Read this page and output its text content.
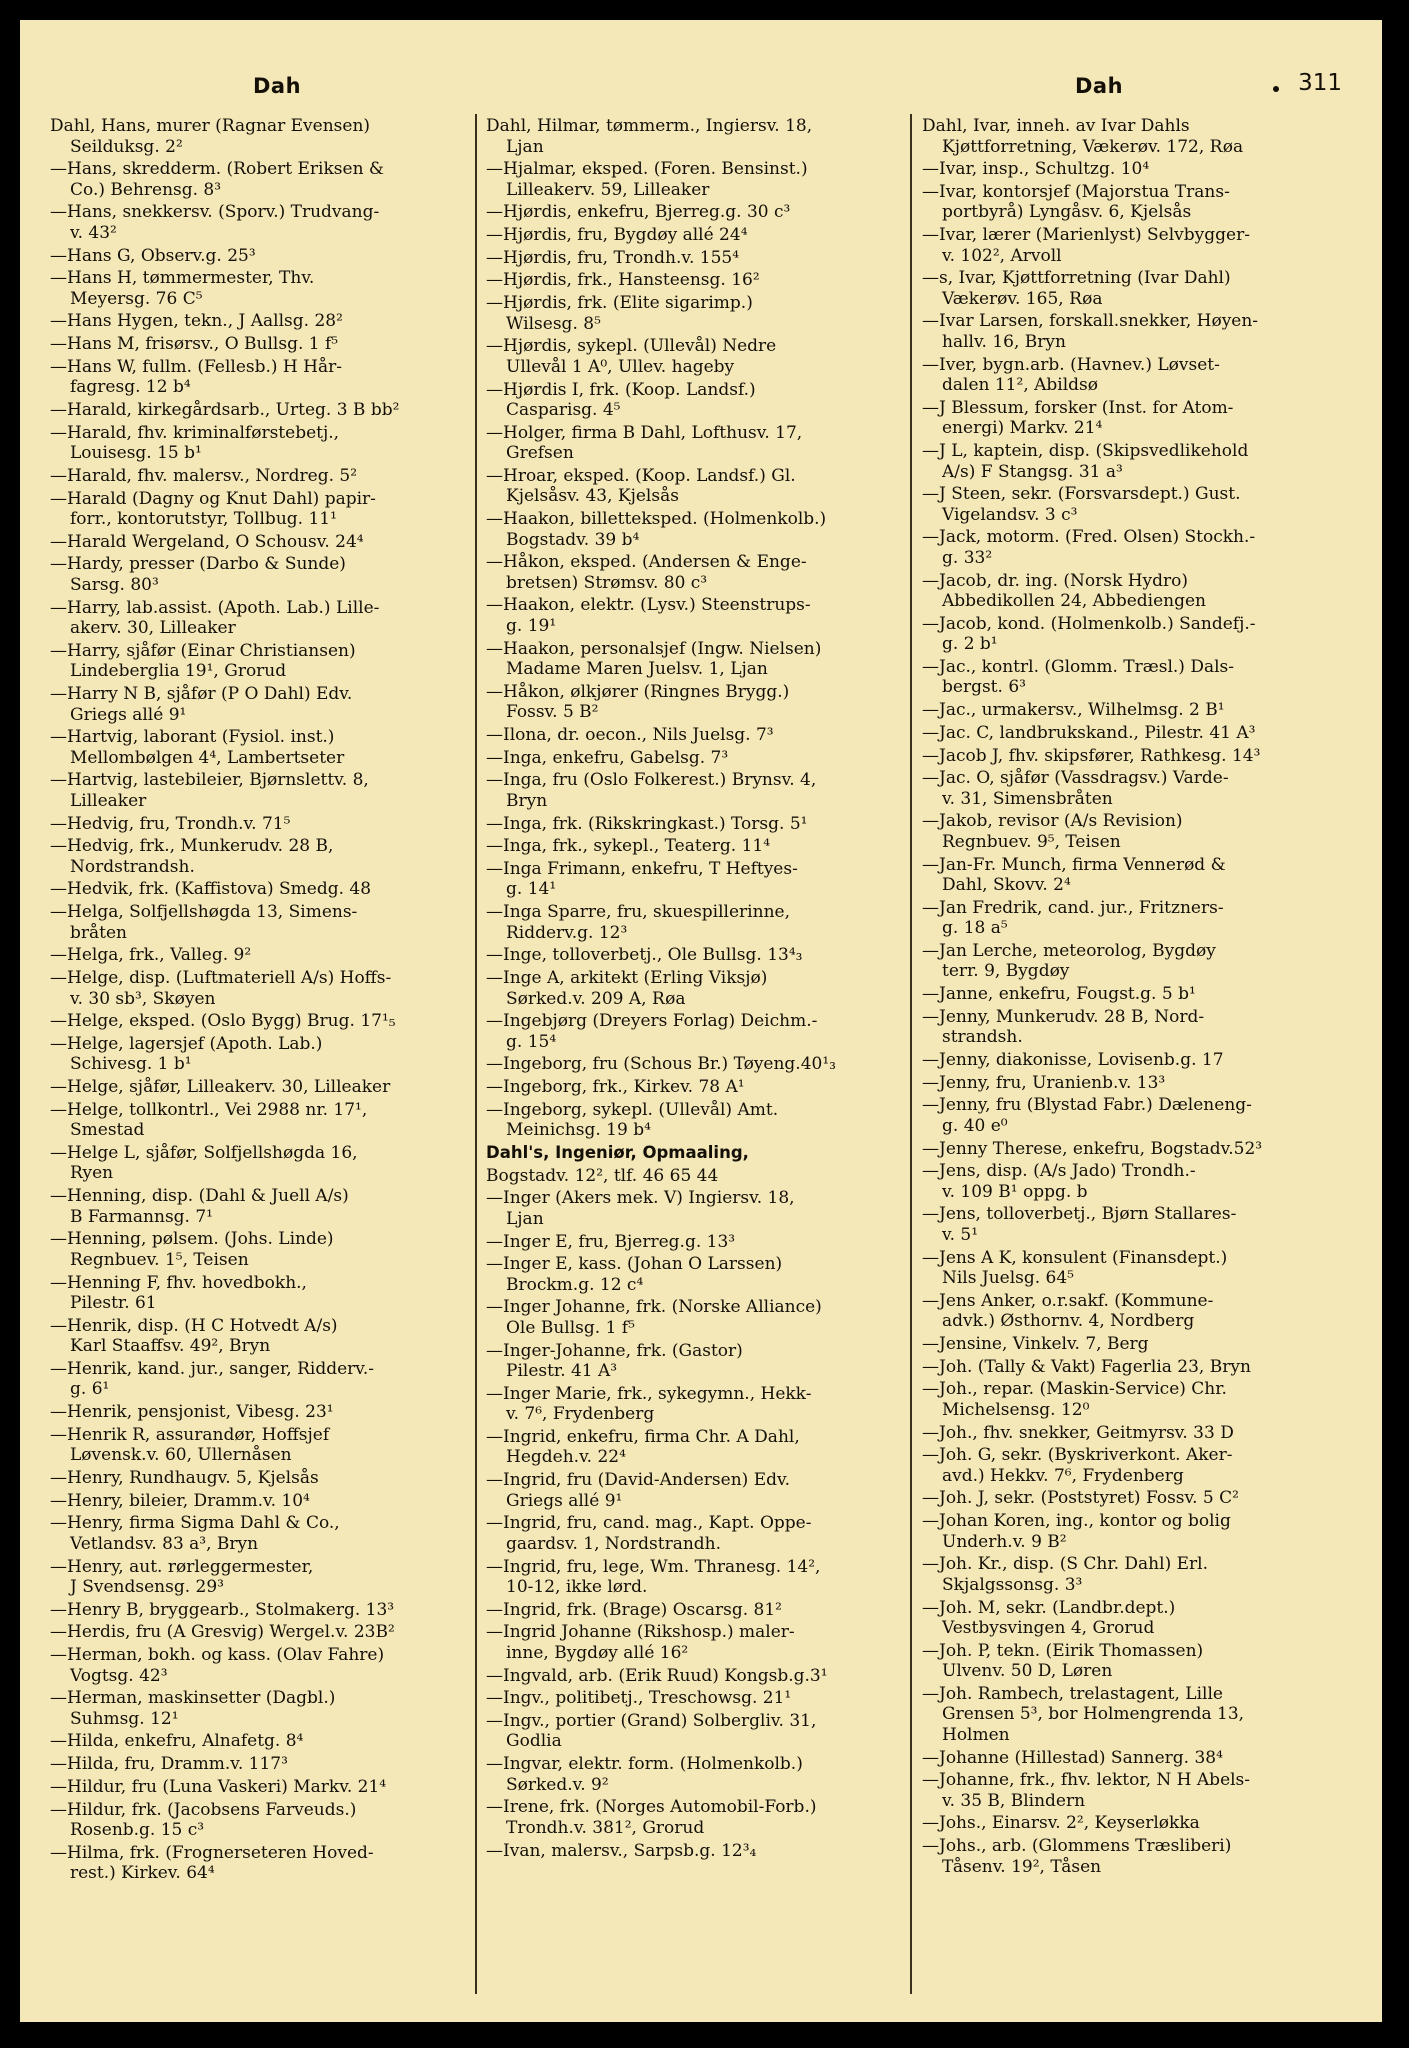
Dah	Dah	311

Dahl, Hans, murer (Ragnar Evensen)
Seilduksg. 2²

—Hans, skredderm. (Robert Eriksen &
Co.) Behrensg. 8³

—Hans, snekkersv. (Sporv.) Trudvang-
v. 43²

—Hans G, Observ.g. 25³

—Hans H, tømmermester, Thv.
Meyersg. 76 C⁵

—Hans Hygen, tekn., J Aallsg. 28²

—Hans M, frisørsv., O Bullsg. 1 f⁵

—Hans W, fullm. (Fellesb.) H Hår-
fagresg. 12 b⁴

—Harald, kirkegårdsarb., Urteg. 3 B bb²

—Harald, fhv. kriminalførstebetj.,
Louisesg. 15 b¹

—Harald, fhv. malersv., Nordreg. 5²

—Harald (Dagny og Knut Dahl) papir-
forr., kontorutstyr, Tollbug. 11¹

—Harald Wergeland, O Schousv. 24⁴

—Hardy, presser (Darbo & Sunde)
Sarsg. 80³

—Harry, lab.assist. (Apoth. Lab.) Lille-
akerv. 30, Lilleaker

—Harry, sjåfør (Einar Christiansen)
Lindeberglia 19¹, Grorud

—Harry N B, sjåfør (P O Dahl) Edv.
Griegs allé 9¹

—Hartvig, laborant (Fysiol. inst.)
Mellombølgen 4⁴, Lambertseter

—Hartvig, lastebileier, Bjørnslettv. 8,
Lilleaker

—Hedvig, fru, Trondh.v. 71⁵

—Hedvig, frk., Munkerudv. 28 B,
Nordstrandsh.

—Hedvik, frk. (Kaffistova) Smedg. 48

—Helga, Solfjellshøgda 13, Simens-
bråten

—Helga, frk., Valleg. 9²

—Helge, disp. (Luftmateriell A/s) Hoffs-
v. 30 sb³, Skøyen

—Helge, eksped. (Oslo Bygg) Brug. 17¹₅

—Helge, lagersjef (Apoth. Lab.)
Schivesg. 1 b¹

—Helge, sjåfør, Lilleakerv. 30, Lilleaker

—Helge, tollkontrl., Vei 2988 nr. 17¹,
Smestad

—Helge L, sjåfør, Solfjellshøgda 16,
Ryen

—Henning, disp. (Dahl & Juell A/s)
B Farmannsg. 7¹

—Henning, pølsem. (Johs. Linde)
Regnbuev. 1⁵, Teisen

—Henning F, fhv. hovedbokh.,
Pilestr. 61

—Henrik, disp. (H C Hotvedt A/s)
Karl Staaffsv. 49², Bryn

—Henrik, kand. jur., sanger, Ridderv.-
g. 6¹

—Henrik, pensjonist, Vibesg. 23¹

—Henrik R, assurandør, Hoffsjef
Løvensk.v. 60, Ullernåsen

—Henry, Rundhaugv. 5, Kjelsås

—Henry, bileier, Dramm.v. 10⁴

—Henry, firma Sigma Dahl & Co.,
Vetlandsv. 83 a³, Bryn

—Henry, aut. rørleggermester,
J Svendsensg. 29³

—Henry B, bryggearb., Stolmakerg. 13³

—Herdis, fru (A Gresvig) Wergel.v. 23B²

—Herman, bokh. og kass. (Olav Fahre)
Vogtsg. 42³

—Herman, maskinsetter (Dagbl.)
Suhmsg. 12¹

—Hilda, enkefru, Alnafetg. 8⁴

—Hilda, fru, Dramm.v. 117³

—Hildur, fru (Luna Vaskeri) Markv. 21⁴

—Hildur, frk. (Jacobsens Farveuds.)
Rosenb.g. 15 c³

—Hilma, frk. (Frognerseteren Hoved-
rest.) Kirkev. 64⁴

Dahl, Hilmar, tømmerm., Ingiersv. 18,
Ljan

—Hjalmar, eksped. (Foren. Bensinst.)
Lilleakerv. 59, Lilleaker

—Hjørdis, enkefru, Bjerreg.g. 30 c³

—Hjørdis, fru, Bygdøy allé 24⁴

—Hjørdis, fru, Trondh.v. 155⁴

—Hjørdis, frk., Hansteensg. 16²

—Hjørdis, frk. (Elite sigarimp.)
Wilsesg. 8⁵

—Hjørdis, sykepl. (Ullevål) Nedre
Ullevål 1 A⁰, Ullev. hageby

—Hjørdis I, frk. (Koop. Landsf.)
Casparisg. 4⁵

—Holger, firma B Dahl, Lofthusv. 17,
Grefsen

—Hroar, eksped. (Koop. Landsf.) Gl.
Kjelsåsv. 43, Kjelsås

—Haakon, billetteksped. (Holmenkolb.)
Bogstadv. 39 b⁴

—Håkon, eksped. (Andersen & Enge-
bretsen) Strømsv. 80 c³

—Haakon, elektr. (Lysv.) Steenstrups-
g. 19¹

—Haakon, personalsjef (Ingw. Nielsen)
Madame Maren Juelsv. 1, Ljan

—Håkon, ølkjører (Ringnes Brygg.)
Fossv. 5 B²

—Ilona, dr. oecon., Nils Juelsg. 7³

—Inga, enkefru, Gabelsg. 7³

—Inga, fru (Oslo Folkerest.) Brynsv. 4,
Bryn

—Inga, frk. (Rikskringkast.) Torsg. 5¹

—Inga, frk., sykepl., Teaterg. 11⁴

—Inga Frimann, enkefru, T Heftyes-
g. 14¹

—Inga Sparre, fru, skuespillerinne,
Ridderv.g. 12³

—Inge, tolloverbetj., Ole Bullsg. 13⁴₃

—Inge A, arkitekt (Erling Viksjø)
Sørked.v. 209 A, Røa

—Ingebjørg (Dreyers Forlag) Deichm.-
g. 15⁴

—Ingeborg, fru (Schous Br.) Tøyeng.40¹₃

—Ingeborg, frk., Kirkev. 78 A¹

—Ingeborg, sykepl. (Ullevål) Amt.
Meinichsg. 19 b⁴

Dahl's, Ingeniør, Opmaaling,

Bogstadv. 12², tlf. 46 65 44

—Inger (Akers mek. V) Ingiersv. 18,
Ljan

—Inger E, fru, Bjerreg.g. 13³

—Inger E, kass. (Johan O Larssen)
Brockm.g. 12 c⁴

—Inger Johanne, frk. (Norske Alliance)
Ole Bullsg. 1 f⁵

—Inger-Johanne, frk. (Gastor)
Pilestr. 41 A³

—Inger Marie, frk., sykegymn., Hekk-
v. 7⁶, Frydenberg

—Ingrid, enkefru, firma Chr. A Dahl,
Hegdeh.v. 22⁴

—Ingrid, fru (David-Andersen) Edv.
Griegs allé 9¹

—Ingrid, fru, cand. mag., Kapt. Oppe-
gaardsv. 1, Nordstrandh.

—Ingrid, fru, lege, Wm. Thranesg. 14²,
10-12, ikke lørd.

—Ingrid, frk. (Brage) Oscarsg. 81²

—Ingrid Johanne (Rikshosp.) maler-
inne, Bygdøy allé 16²

—Ingvald, arb. (Erik Ruud) Kongsb.g.3¹

—Ingv., politibetj., Treschowsg. 21¹

—Ingv., portier (Grand) Solbergliv. 31,
Godlia

—Ingvar, elektr. form. (Holmenkolb.)
Sørked.v. 9²

—Irene, frk. (Norges Automobil-Forb.)
Trondh.v. 381², Grorud

—Ivan, malersv., Sarpsb.g. 12³₄

Dahl, Ivar, inneh. av Ivar Dahls
Kjøttforretning, Vækerøv. 172, Røa

—Ivar, insp., Schultzg. 10⁴

—Ivar, kontorsjef (Majorstua Trans-
portbyrå) Lyngåsv. 6, Kjelsås

—Ivar, lærer (Marienlyst) Selvbygger-
v. 102², Arvoll

—s, Ivar, Kjøttforretning (Ivar Dahl)
Vækerøv. 165, Røa

—Ivar Larsen, forskall.snekker, Høyen-
hallv. 16, Bryn

—Iver, bygn.arb. (Havnev.) Løvset-
dalen 11², Abildsø

—J Blessum, forsker (Inst. for Atom-
energi) Markv. 21⁴

—J L, kaptein, disp. (Skipsvedlikehold
A/s) F Stangsg. 31 a³

—J Steen, sekr. (Forsvarsdept.) Gust.
Vigelandsv. 3 c³

—Jack, motorm. (Fred. Olsen) Stockh.-
g. 33²

—Jacob, dr. ing. (Norsk Hydro)
Abbedikollen 24, Abbediengen

—Jacob, kond. (Holmenkolb.) Sandefj.-
g. 2 b¹

—Jac., kontrl. (Glomm. Træsl.) Dals-
bergst. 6³

—Jac., urmakersv., Wilhelmsg. 2 B¹

—Jac. C, landbrukskand., Pilestr. 41 A³

—Jacob J, fhv. skipsfører, Rathkesg. 14³

—Jac. O, sjåfør (Vassdragsv.) Varde-
v. 31, Simensbråten

—Jakob, revisor (A/s Revision)
Regnbuev. 9⁵, Teisen

—Jan-Fr. Munch, firma Vennerød &
Dahl, Skovv. 2⁴

—Jan Fredrik, cand. jur., Fritzners-
g. 18 a⁵

—Jan Lerche, meteorolog, Bygdøy
terr. 9, Bygdøy

—Janne, enkefru, Fougst.g. 5 b¹

—Jenny, Munkerudv. 28 B, Nord-
strandsh.

—Jenny, diakonisse, Lovisenb.g. 17

—Jenny, fru, Uranienb.v. 13³

—Jenny, fru (Blystad Fabr.) Dæleneng-
g. 40 e⁰

—Jenny Therese, enkefru, Bogstadv.52³

—Jens, disp. (A/s Jado) Trondh.-
v. 109 B¹ oppg. b

—Jens, tolloverbetj., Bjørn Stallares-
v. 5¹

—Jens A K, konsulent (Finansdept.)
Nils Juelsg. 64⁵

—Jens Anker, o.r.sakf. (Kommune-
advk.) Østhornv. 4, Nordberg

—Jensine, Vinkelv. 7, Berg

—Joh. (Tally & Vakt) Fagerlia 23, Bryn

—Joh., repar. (Maskin-Service) Chr.
Michelsensg. 12⁰

—Joh., fhv. snekker, Geitmyrsv. 33 D

—Joh. G, sekr. (Byskriverkont. Aker-
avd.) Hekkv. 7⁶, Frydenberg

—Joh. J, sekr. (Poststyret) Fossv. 5 C²

—Johan Koren, ing., kontor og bolig
Underh.v. 9 B²

—Joh. Kr., disp. (S Chr. Dahl) Erl.
Skjalgssonsg. 3³

—Joh. M, sekr. (Landbr.dept.)
Vestbysvingen 4, Grorud

—Joh. P, tekn. (Eirik Thomassen)
Ulvenv. 50 D, Løren

—Joh. Rambech, trelastagent, Lille
Grensen 5³, bor Holmengrenda 13,
Holmen

—Johanne (Hillestad) Sannerg. 38⁴

—Johanne, frk., fhv. lektor, N H Abels-
v. 35 B, Blindern

—Johs., Einarsv. 2², Keyserløkka

—Johs., arb. (Glommens Træsliberi)
Tåsenv. 19², Tåsen
